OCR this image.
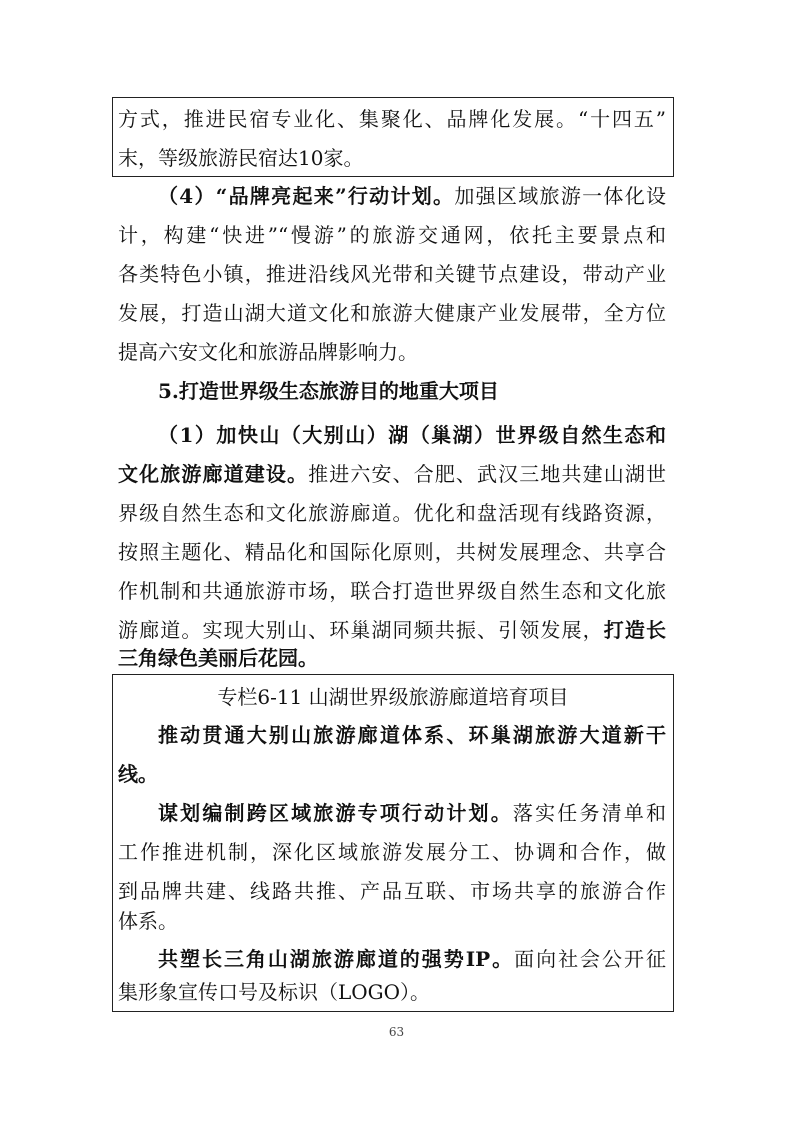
方式，推进民宿专业化、集聚化、品牌化发展。“十四五”
末，等级旅游民宿达10家。
（4）“品牌亮起来”行动计划。加强区域旅游一体化设
计，构建“快进”“慢游”的旅游交通网，依托主要景点和
各类特色小镇，推进沿线风光带和关键节点建设，带动产业
发展，打造山湖大道文化和旅游大健康产业发展带，全方位
提高六安文化和旅游品牌影响力。
5.打造世界级生态旅游目的地重大项目
（1）加快山（大别山）湖（巢湖）世界级自然生态和
文化旅游廊道建设。推进六安、合肥、武汉三地共建山湖世
界级自然生态和文化旅游廊道。优化和盘活现有线路资源，
按照主题化、精品化和国际化原则，共树发展理念、共享合
作机制和共通旅游市场，联合打造世界级自然生态和文化旅
游廊道。实现大别山、环巢湖同频共振、引领发展，打造长
三角绿色美丽后花园。
专栏6-11 山湖世界级旅游廊道培育项目
推动贯通大别山旅游廊道体系、环巢湖旅游大道新干
线。
谋划编制跨区域旅游专项行动计划。落实任务清单和
工作推进机制，深化区域旅游发展分工、协调和合作，做
到品牌共建、线路共推、产品互联、市场共享的旅游合作
体系。
共塑长三角山湖旅游廊道的强势IP。面向社会公开征
集形象宣传口号及标识（LOGO）。
63
